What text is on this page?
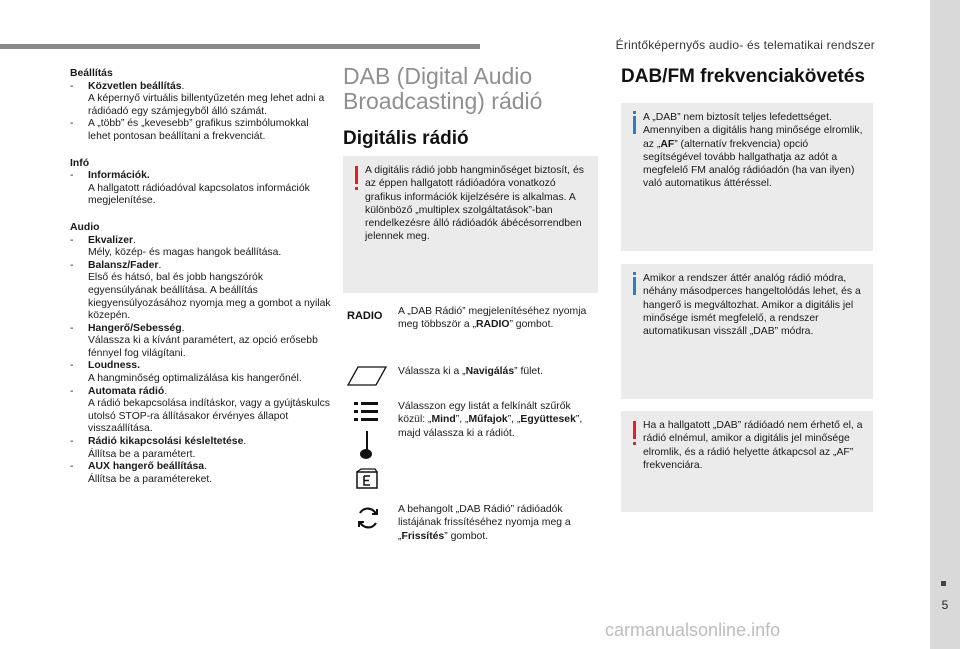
Érintőképernyős audio- és telematikai rendszer
5
carmanualsonline.info
Beállítás
- Közvetlen beállítás.
A képernyő virtuális billentyűzetén meg lehet adni a rádióadó egy számjegyből álló számát.
- A „több” és „kevesebb” grafikus szimbólumokkal lehet pontosan beállítani a frekvenciát.
Infó
- Információk.
A hallgatott rádióadóval kapcsolatos információk megjelenítése.
Audio
- Ekvalizer.
Mély, közép- és magas hangok beállítása.
- Balansz/Fader.
Első és hátsó, bal és jobb hangszórók egyensúlyának beállítása. A beállítás kiegyensúlyozásához nyomja meg a gombot a nyilak közepén.
- Hangerő/Sebesség.
Válassza ki a kívánt paramétert, az opció erősebb fénnyel fog világítani.
- Loudness.
A hangminőség optimalizálása kis hangerőnél.
- Automata rádió.
A rádió bekapcsolása indításkor, vagy a gyújtáskulcs utolsó STOP-ra állításakor érvényes állapot visszaállítása.
- Rádió kikapcsolási késleltetése.
Állítsa be a paramétert.
- AUX hangerő beállítása.
Állítsa be a paramétereket.
DAB (Digital Audio Broadcasting) rádió
Digitális rádió
A digitális rádió jobb hangminőséget biztosít, és az éppen hallgatott rádióadóra vonatkozó grafikus információk kijelzésére is alkalmas. A különböző „multiplex szolgáltatások”-ban rendelkezésre álló rádióadók ábécésorrendben jelennek meg.
RADIO A „DAB Rádió” megjelenítéséhez nyomja meg többször a „RADIO” gombot.
Válassza ki a „Navigálás” fület.
Válasszon egy listát a felkínált szűrők közül: „Mind”, „Műfajok”, „Együttesek”, majd válassza ki a rádiót.
A behangolt „DAB Rádió” rádióadók listájának frissítéséhez nyomja meg a „Frissítés” gombot.
DAB/FM frekvenciakövetés
A „DAB” nem biztosít teljes lefedettséget. Amennyiben a digitális hang minősége elromlik, az „AF” (alternatív frekvencia) opció segítségével tovább hallgathatja az adót a megfelelő FM analóg rádióadón (ha van ilyen) való automatikus áttéréssel.
Amikor a rendszer áttér analóg rádió módra, néhány másodperces hangeltolódás lehet, és a hangerő is megváltozhat. Amikor a digitális jel minősége ismét megfelelő, a rendszer automatikusan visszáll „DAB” módra.
Ha a hallgatott „DAB” rádióadó nem érhető el, a rádió elnémul, amikor a digitális jel minősége elromlik, és a rádió helyette átkapcsol az „AF” frekvenciára.
